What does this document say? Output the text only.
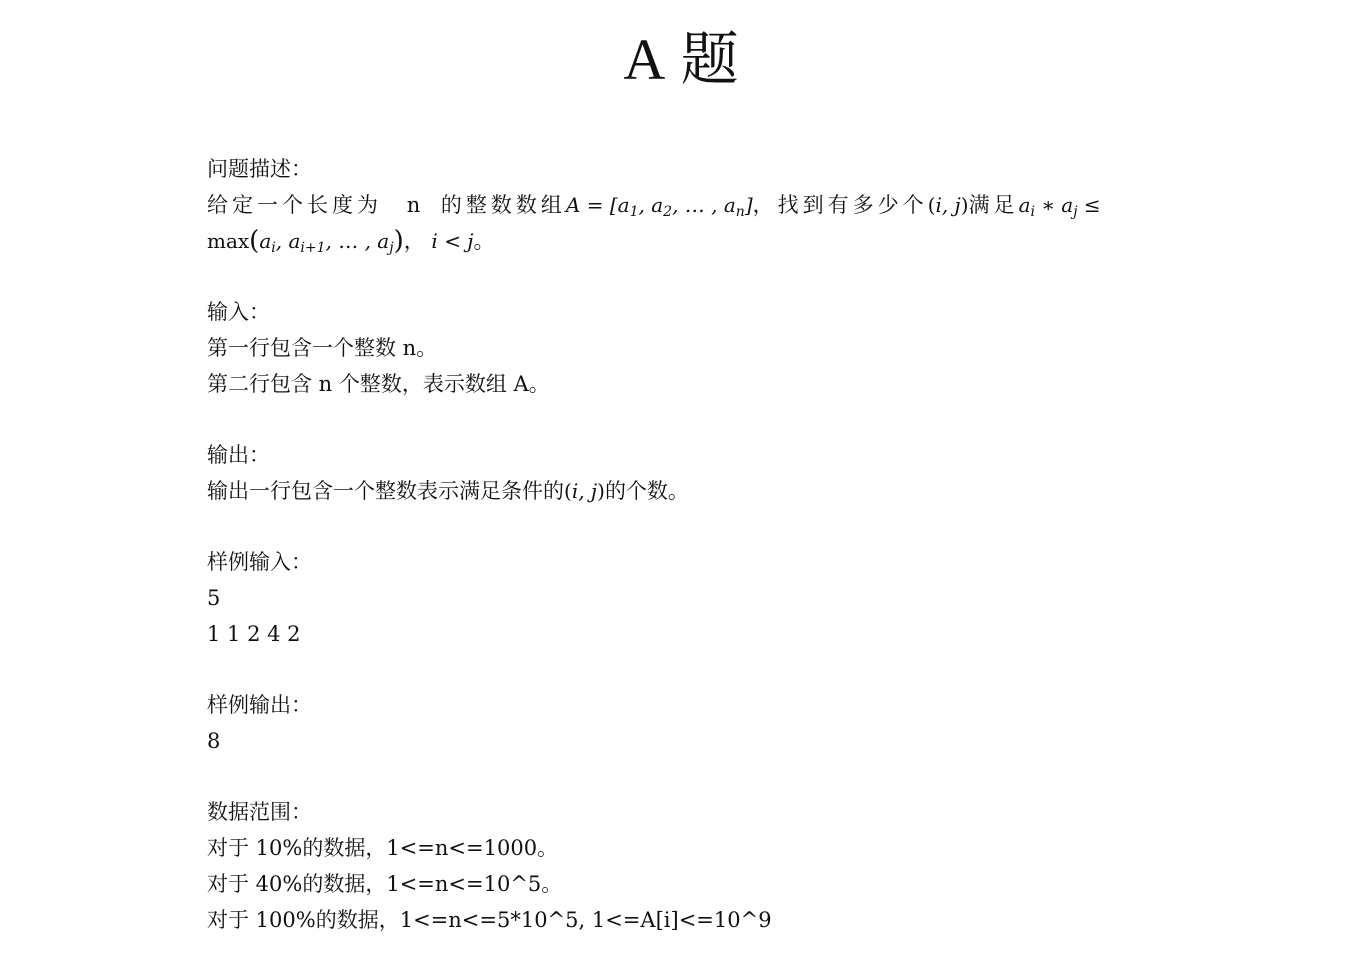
A 题
问题描述：
给定一个长度为 n 的整数数组$A = [a_1$, $a_2$, … , $a_n$]，找到有多少个(i, j)满足$a_i$ ∗ $a_j$ ≤
$\max(a_i$, $a_{i+1}$, … , $a_j$)， i < j。
输入：
第一行包含一个整数 n。
第二行包含 n 个整数，表示数组 A。
输出：
输出一行包含一个整数表示满足条件的(i, j)的个数。
样例输入：
5
1 1 2 4 2
样例输出：
8
数据范围：
对于 10%的数据，1<=n<=1000。
对于 40%的数据，1<=n<=10^5。
对于 100%的数据，1<=n<=5*10^5, 1<=A[i]<=10^9
